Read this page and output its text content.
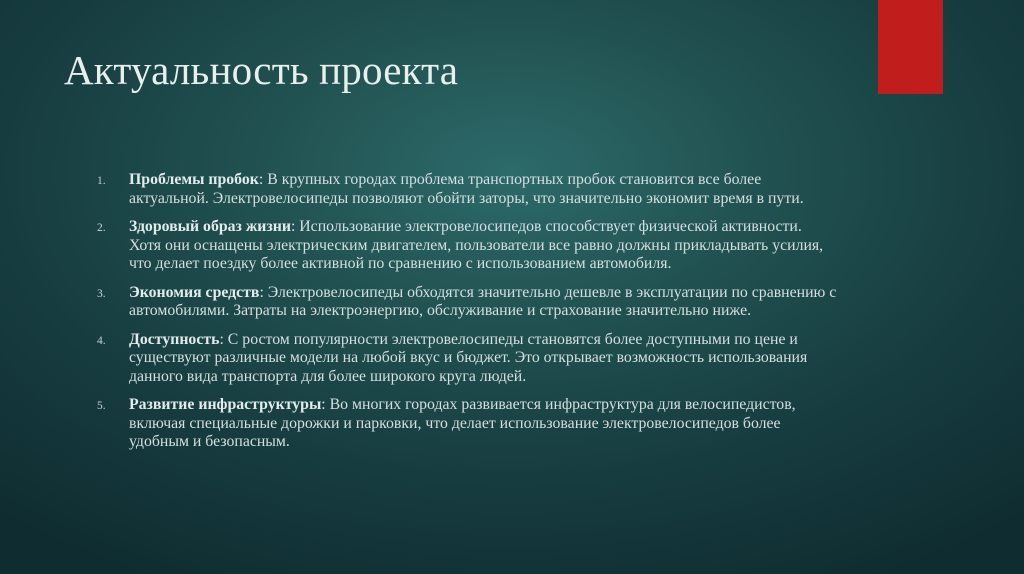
Актуальность проекта
1. Проблемы пробок: В крупных городах проблема транспортных пробок становится все более актуальной. Электровелосипеды позволяют обойти заторы, что значительно экономит время в пути.
2. Здоровый образ жизни: Использование электровелосипедов способствует физической активности. Хотя они оснащены электрическим двигателем, пользователи все равно должны прикладывать усилия, что делает поездку более активной по сравнению с использованием автомобиля.
3. Экономия средств: Электровелосипеды обходятся значительно дешевле в эксплуатации по сравнению с автомобилями. Затраты на электроэнергию, обслуживание и страхование значительно ниже.
4. Доступность: С ростом популярности электровелосипеды становятся более доступными по цене и существуют различные модели на любой вкус и бюджет. Это открывает возможность использования данного вида транспорта для более широкого круга людей.
5. Развитие инфраструктуры: Во многих городах развивается инфраструктура для велосипедистов, включая специальные дорожки и парковки, что делает использование электровелосипедов более удобным и безопасным.
